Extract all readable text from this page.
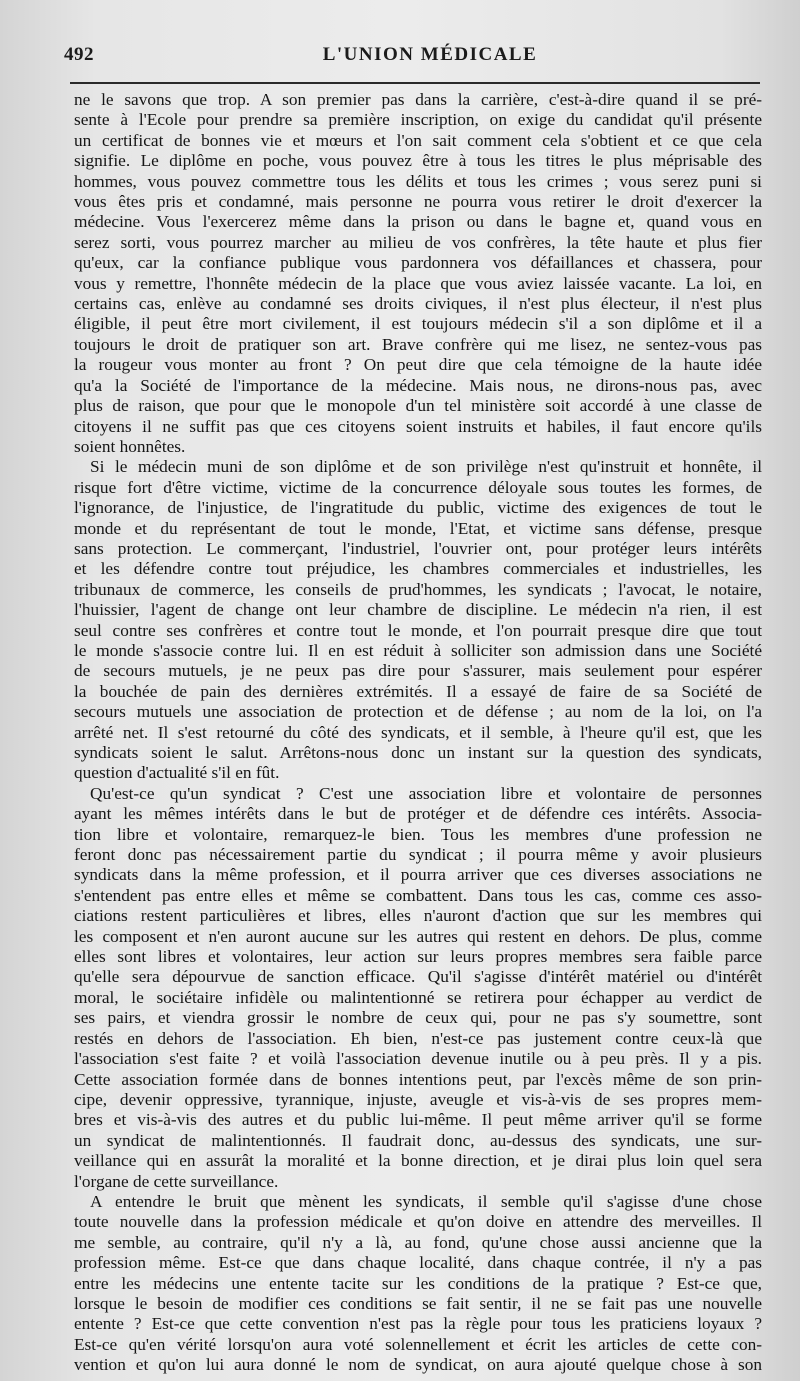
492	L'UNION MÉDICALE
ne le savons que trop. A son premier pas dans la carrière, c'est-à-dire quand il se pré-
sente à l'Ecole pour prendre sa première inscription, on exige du candidat qu'il présente
un certificat de bonnes vie et mœurs et l'on sait comment cela s'obtient et ce que cela
signifie. Le diplôme en poche, vous pouvez être à tous les titres le plus méprisable des
hommes, vous pouvez commettre tous les délits et tous les crimes ; vous serez puni si
vous êtes pris et condamné, mais personne ne pourra vous retirer le droit d'exercer la
médecine. Vous l'exercerez même dans la prison ou dans le bagne et, quand vous en
serez sorti, vous pourrez marcher au milieu de vos confrères, la tête haute et plus fier
qu'eux, car la confiance publique vous pardonnera vos défaillances et chassera, pour
vous y remettre, l'honnête médecin de la place que vous aviez laissée vacante. La loi, en
certains cas, enlève au condamné ses droits civiques, il n'est plus électeur, il n'est plus
éligible, il peut être mort civilement, il est toujours médecin s'il a son diplôme et il a
toujours le droit de pratiquer son art. Brave confrère qui me lisez, ne sentez-vous pas
la rougeur vous monter au front ? On peut dire que cela témoigne de la haute idée
qu'a la Société de l'importance de la médecine. Mais nous, ne dirons-nous pas, avec
plus de raison, que pour que le monopole d'un tel ministère soit accordé à une classe de
citoyens il ne suffit pas que ces citoyens soient instruits et habiles, il faut encore qu'ils
soient honnêtes.
Si le médecin muni de son diplôme et de son privilège n'est qu'instruit et honnête, il
risque fort d'être victime, victime de la concurrence déloyale sous toutes les formes, de
l'ignorance, de l'injustice, de l'ingratitude du public, victime des exigences de tout le
monde et du représentant de tout le monde, l'Etat, et victime sans défense, presque
sans protection. Le commerçant, l'industriel, l'ouvrier ont, pour protéger leurs intérêts
et les défendre contre tout préjudice, les chambres commerciales et industrielles, les
tribunaux de commerce, les conseils de prud'hommes, les syndicats ; l'avocat, le notaire,
l'huissier, l'agent de change ont leur chambre de discipline. Le médecin n'a rien, il est
seul contre ses confrères et contre tout le monde, et l'on pourrait presque dire que tout
le monde s'associe contre lui. Il en est réduit à solliciter son admission dans une Société
de secours mutuels, je ne peux pas dire pour s'assurer, mais seulement pour espérer
la bouchée de pain des dernières extrémités. Il a essayé de faire de sa Société de
secours mutuels une association de protection et de défense ; au nom de la loi, on l'a
arrêté net. Il s'est retourné du côté des syndicats, et il semble, à l'heure qu'il est, que les
syndicats soient le salut. Arrêtons-nous donc un instant sur la question des syndicats,
question d'actualité s'il en fût.
Qu'est-ce qu'un syndicat ? C'est une association libre et volontaire de personnes
ayant les mêmes intérêts dans le but de protéger et de défendre ces intérêts. Associa-
tion libre et volontaire, remarquez-le bien. Tous les membres d'une profession ne
feront donc pas nécessairement partie du syndicat ; il pourra même y avoir plusieurs
syndicats dans la même profession, et il pourra arriver que ces diverses associations ne
s'entendent pas entre elles et même se combattent. Dans tous les cas, comme ces asso-
ciations restent particulières et libres, elles n'auront d'action que sur les membres qui
les composent et n'en auront aucune sur les autres qui restent en dehors. De plus, comme
elles sont libres et volontaires, leur action sur leurs propres membres sera faible parce
qu'elle sera dépourvue de sanction efficace. Qu'il s'agisse d'intérêt matériel ou d'intérêt
moral, le sociétaire infidèle ou malintentionné se retirera pour échapper au verdict de
ses pairs, et viendra grossir le nombre de ceux qui, pour ne pas s'y soumettre, sont
restés en dehors de l'association. Eh bien, n'est-ce pas justement contre ceux-là que
l'association s'est faite ? et voilà l'association devenue inutile ou à peu près. Il y a pis.
Cette association formée dans de bonnes intentions peut, par l'excès même de son prin-
cipe, devenir oppressive, tyrannique, injuste, aveugle et vis-à-vis de ses propres mem-
bres et vis-à-vis des autres et du public lui-même. Il peut même arriver qu'il se forme
un syndicat de malintentionnés. Il faudrait donc, au-dessus des syndicats, une sur-
veillance qui en assurât la moralité et la bonne direction, et je dirai plus loin quel sera
l'organe de cette surveillance.
A entendre le bruit que mènent les syndicats, il semble qu'il s'agisse d'une chose
toute nouvelle dans la profession médicale et qu'on doive en attendre des merveilles. Il
me semble, au contraire, qu'il n'y a là, au fond, qu'une chose aussi ancienne que la
profession même. Est-ce que dans chaque localité, dans chaque contrée, il n'y a pas
entre les médecins une entente tacite sur les conditions de la pratique ? Est-ce que,
lorsque le besoin de modifier ces conditions se fait sentir, il ne se fait pas une nouvelle
entente ? Est-ce que cette convention n'est pas la règle pour tous les praticiens loyaux ?
Est-ce qu'en vérité lorsqu'on aura voté solennellement et écrit les articles de cette con-
vention et qu'on lui aura donné le nom de syndicat, on aura ajouté quelque chose à son
